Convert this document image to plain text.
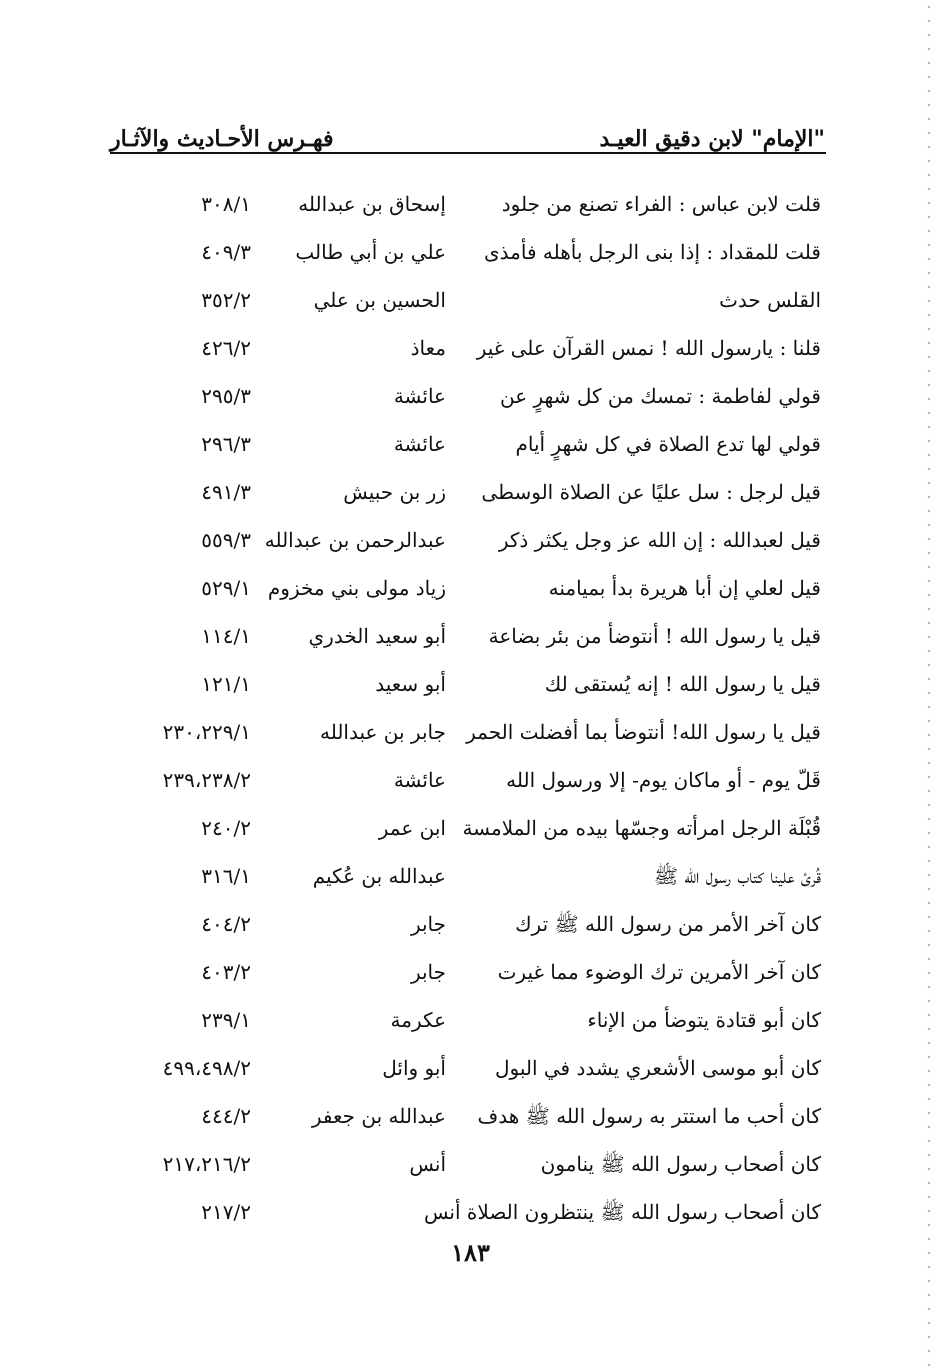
"الإمام" لابن دقيق العيـد
فهـرس الأحـاديث والآثـار
قلت لابن عباس : الفراء تصنع من جلود
إسحاق بن عبدالله
٣٠٨/١
قلت للمقداد : إذا بنى الرجل بأهله فأمذى
علي بن أبي طالب
٤٠٩/٣
القلس حدث
الحسين بن علي
٣٥٢/٢
قلنا : يارسول الله ! نمس القرآن على غير
معاذ
٤٢٦/٢
قولي لفاطمة : تمسك من كل شهرٍ عن
عائشة
٢٩٥/٣
قولي لها تدع الصلاة في كل شهرٍ أيام
عائشة
٢٩٦/٣
قيل لرجل : سل عليًا عن الصلاة الوسطى
زر بن حبيش
٤٩١/٣
قيل لعبدالله : إن الله عز وجل يكثر ذكر
عبدالرحمن بن عبدالله
٥٥٩/٣
قيل لعلي إن أبا هريرة بدأ بميامنه
زياد مولى بني مخزوم
٥٢٩/١
قيل يا رسول الله ! أنتوضأ من بئر بضاعة
أبو سعيد الخدري
١١٤/١
قيل يا رسول الله ! إنه يُستقى لك
أبو سعيد
١٢١/١
قيل يا رسول الله! أنتوضأ بما أفضلت الحمر
جابر بن عبدالله
٢٣٠،٢٢٩/١
قَلّ يوم - أو ماكان يوم- إلا ورسول الله
عائشة
٢٣٩،٢٣٨/٢
قُبْلَة الرجل امرأته وجسّها بيده من الملامسة
ابن عمر
٢٤٠/٢
قُرئ علينا كتاب رسول الله ﷺ
عبدالله بن عُكيم
٣١٦/١
كان آخر الأمر من رسول الله ﷺ ترك
جابر
٤٠٤/٢
كان آخر الأمرين ترك الوضوء مما غيرت
جابر
٤٠٣/٢
كان أبو قتادة يتوضأ من الإناء
عكرمة
٢٣٩/١
كان أبو موسى الأشعري يشدد في البول
أبو وائل
٤٩٩،٤٩٨/٢
كان أحب ما استتر به رسول الله ﷺ هدف
عبدالله بن جعفر
٤٤٤/٢
كان أصحاب رسول الله ﷺ ينامون
أنس
٢١٧،٢١٦/٢
كان أصحاب رسول الله ﷺ ينتظرون الصلاة أنس
٢١٧/٢
١٨٣
